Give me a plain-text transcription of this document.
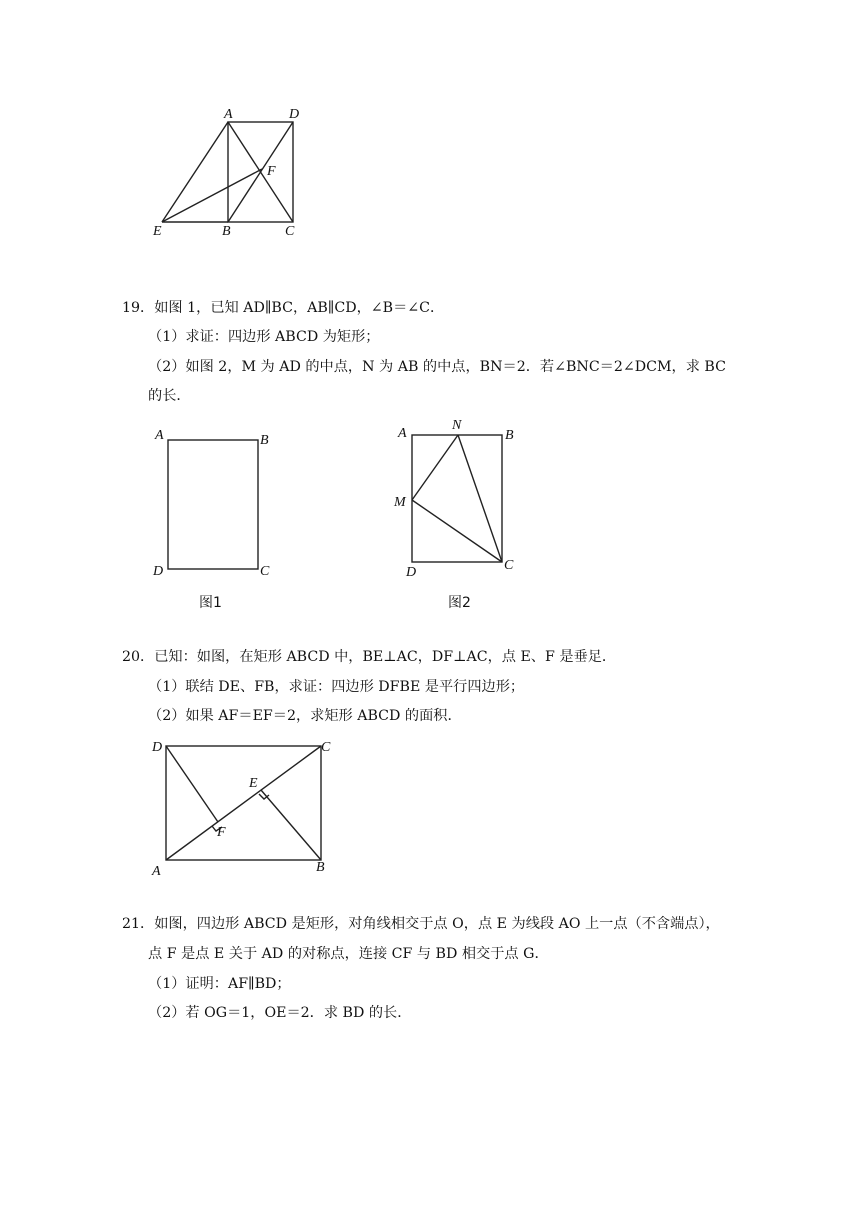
A	D
F
E	B	C
19．如图 1，已知 AD∥BC，AB∥CD，∠B＝∠C．
（1）求证：四边形 ABCD 为矩形；
（2）如图 2，M 为 AD 的中点，N 为 AB 的中点，BN＝2．若∠BNC＝2∠DCM，求 BC
的长．
A	B
D	C
图1
A
N
B
M
D	C
图2
20．已知：如图，在矩形 ABCD 中，BE⊥AC，DF⊥AC，点 E、F 是垂足．
（1）联结 DE、FB，求证：四边形 DFBE 是平行四边形；
（2）如果 AF＝EF＝2，求矩形 ABCD 的面积．
D	C
E
F
A	B
21．如图，四边形 ABCD 是矩形，对角线相交于点 O，点 E 为线段 AO 上一点（不含端点），
点 F 是点 E 关于 AD 的对称点，连接 CF 与 BD 相交于点 G．
（1）证明：AF∥BD；
（2）若 OG＝1，OE＝2．求 BD 的长．
